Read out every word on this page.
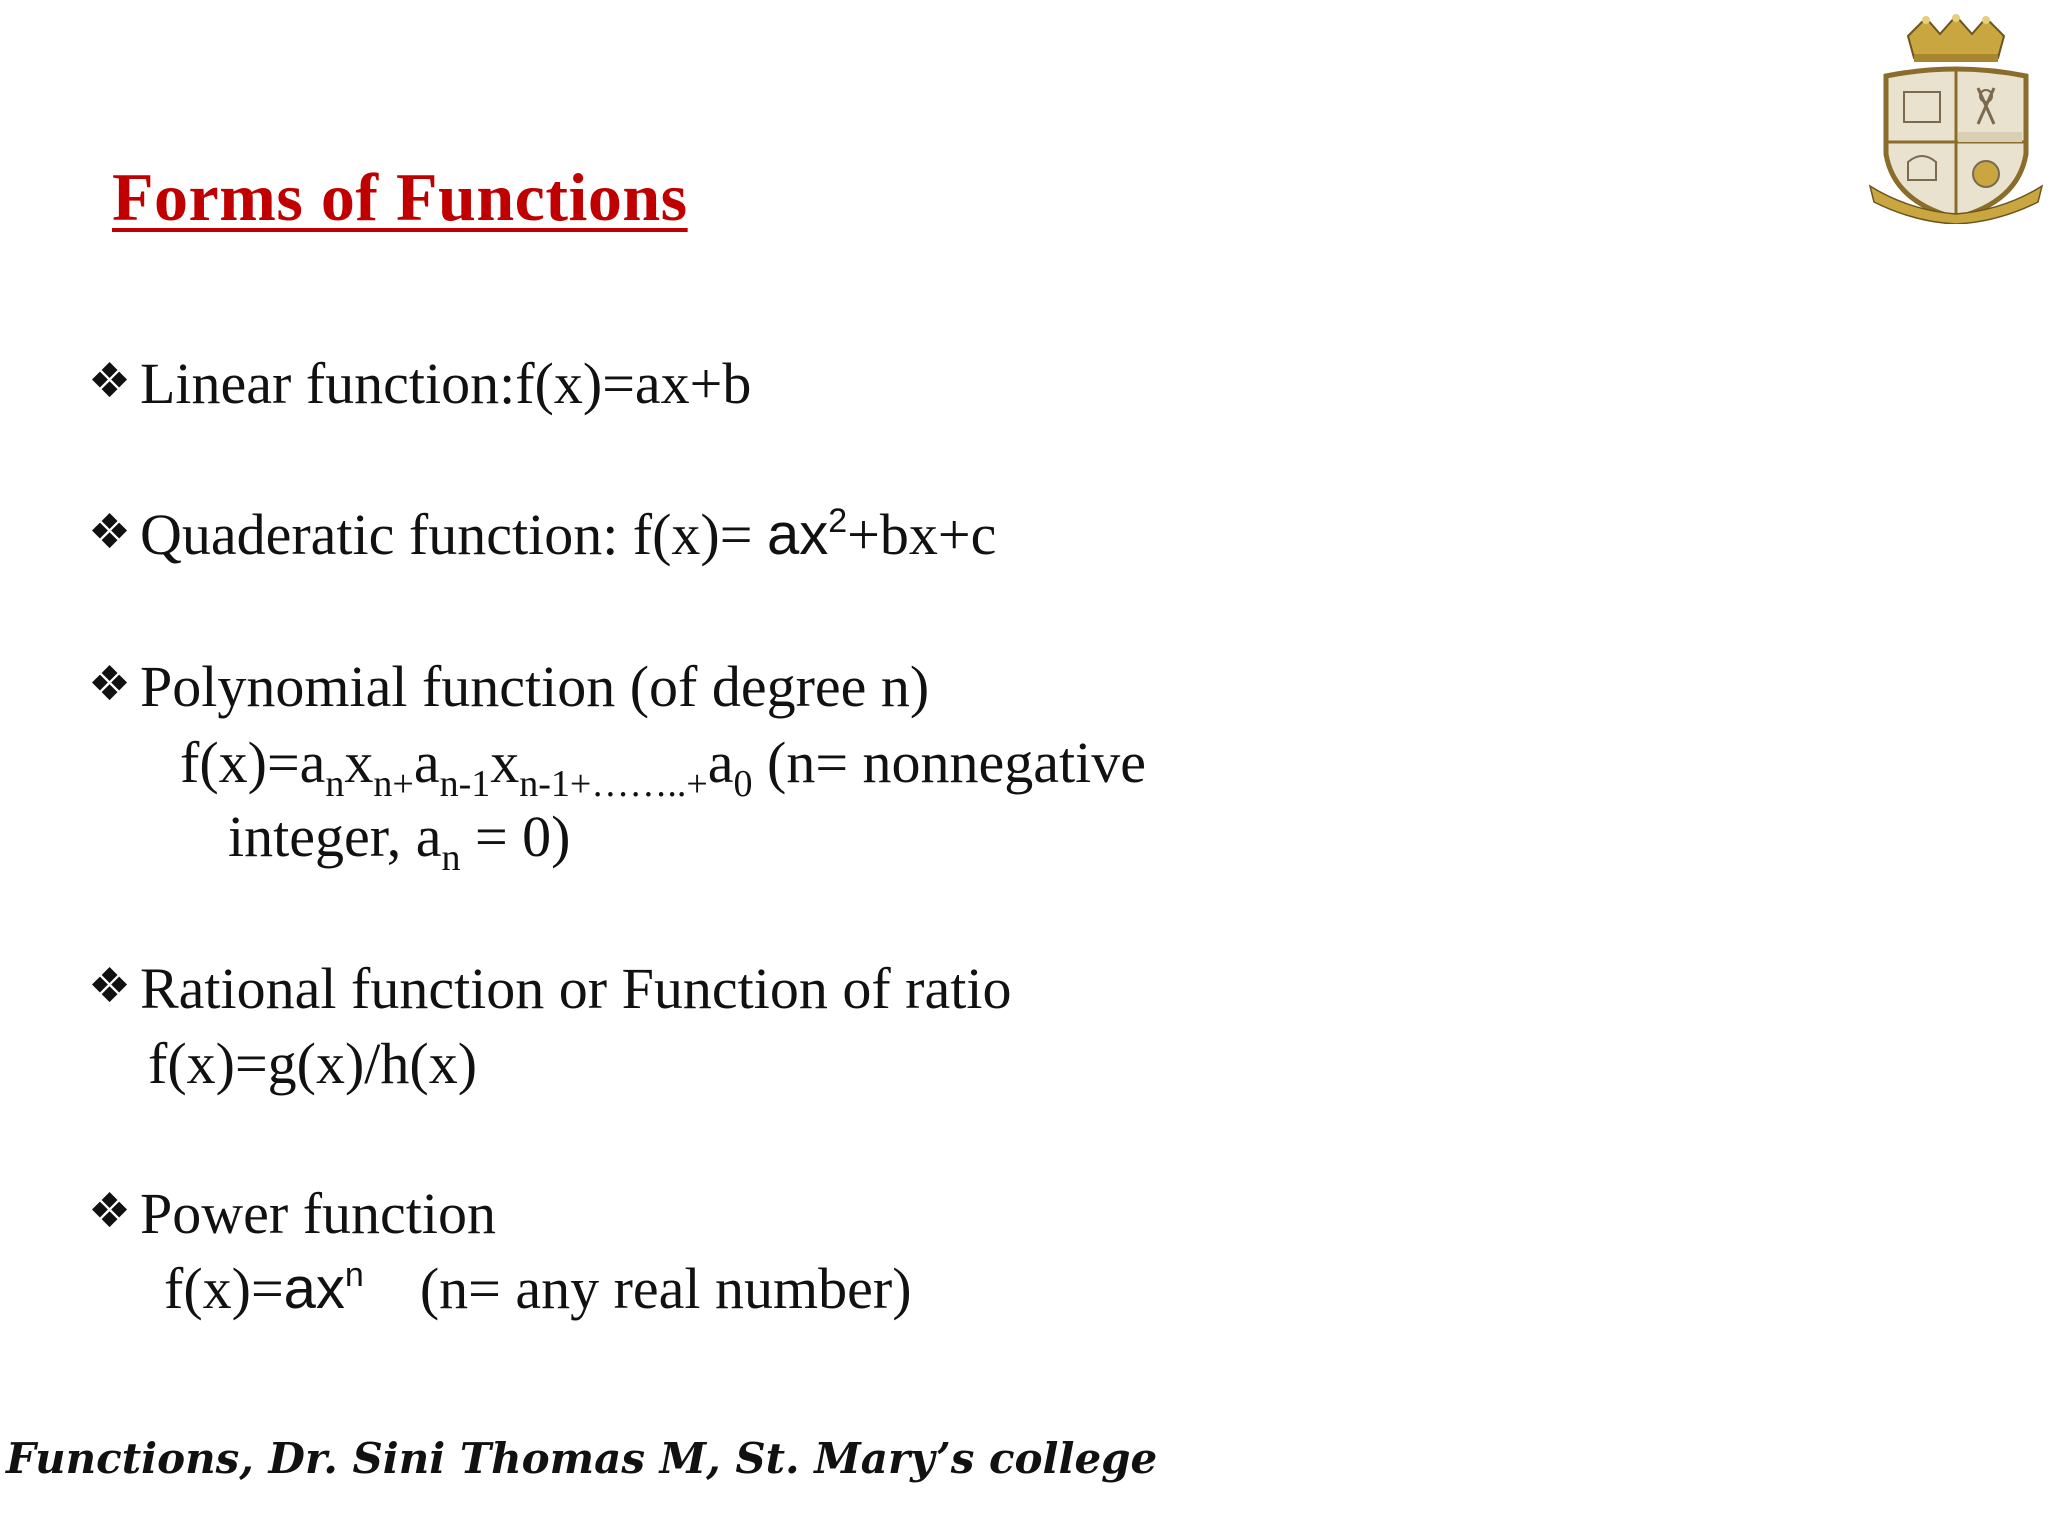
Forms of Functions
❖ Linear function:f(x)=ax+b
❖ Quaderatic function: $f(x)= ax^2+bx+c$
❖ Polynomial function (of degree n)
$f(x)=a_nx_{n+}a_{n-1}x_{n-1+\dots\dots..+}a_0$ (n= nonnegative
integer, $a_n = 0$)
❖ Rational function or Function of ratio
f(x)=g(x)/h(x)
❖ Power function
$f(x)=ax^n$ (n= any real number)
Functions, Dr. Sini Thomas M, St. Mary’s college
